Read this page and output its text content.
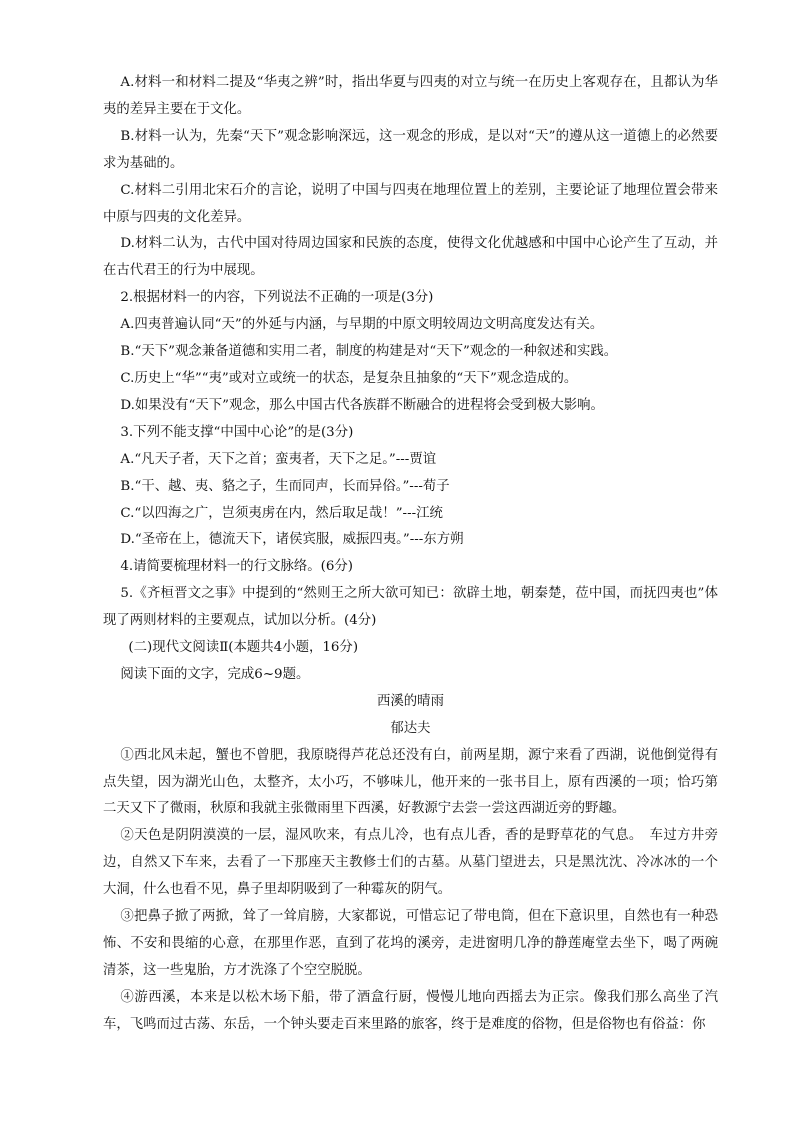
A.材料一和材料二提及“华夷之辨”时，指出华夏与四夷的对立与统一在历史上客观存在，且都认为华夷的差异主要在于文化。

B.材料一认为，先秦“天下”观念影响深远，这一观念的形成，是以对“天”的遵从这一道德上的必然要求为基础的。

C.材料二引用北宋石介的言论，说明了中国与四夷在地理位置上的差别，主要论证了地理位置会带来中原与四夷的文化差异。

D.材料二认为，古代中国对待周边国家和民族的态度，使得文化优越感和中国中心论产生了互动，并在古代君王的行为中展现。

2.根据材料一的内容，下列说法不正确的一项是(3分)

A.四夷普遍认同“天”的外延与内涵，与早期的中原文明较周边文明高度发达有关。

B.“天下”观念兼备道德和实用二者，制度的构建是对“天下”观念的一种叙述和实践。

C.历史上“华”“夷”或对立或统一的状态，是复杂且抽象的“天下”观念造成的。

D.如果没有“天下”观念，那么中国古代各族群不断融合的进程将会受到极大影响。

3.下列不能支撑“中国中心论”的是(3分)

A.“凡天子者，天下之首；蛮夷者，天下之足。”---贾谊

B.“干、越、夷、貉之子，生而同声，长而异俗。”---荀子

C.“以四海之广，岂须夷虏在内，然后取足哉！”---江统

D.“圣帝在上，德流天下，诸侯宾服，威振四夷。”---东方朔

4.请简要梳理材料一的行文脉络。(6分)

5.《齐桓晋文之事》中提到的“然则王之所大欲可知已：欲辟土地，朝秦楚，莅中国，而抚四夷也”体现了两则材料的主要观点，试加以分析。(4分)

(二)现代文阅读Ⅱ(本题共4小题，16分)

阅读下面的文字，完成6~9题。

西溪的晴雨

郁达夫

①西北风未起，蟹也不曾肥，我原晓得芦花总还没有白，前两星期，源宁来看了西湖，说他倒觉得有点失望，因为湖光山色，太整齐，太小巧，不够味儿，他开来的一张书目上，原有西溪的一项；恰巧第二天又下了微雨，秋原和我就主张微雨里下西溪，好教源宁去尝一尝这西湖近旁的野趣。

②天色是阴阴漠漠的一层，湿风吹来，有点儿冷，也有点儿香，香的是野草花的气息。　车过方井旁边，自然又下车来，去看了一下那座天主教修士们的古墓。从墓门望进去，只是黑沈沈、冷冰冰的一个大洞，什么也看不见，鼻子里却阴吸到了一种霉灰的阴气。

③把鼻子掀了两掀，耸了一耸肩膀，大家都说，可惜忘记了带电筒，但在下意识里，自然也有一种恐怖、不安和畏缩的心意，在那里作恶，直到了花坞的溪旁，走进窗明几净的静莲庵堂去坐下，喝了两碗清茶，这一些鬼胎，方才洗涤了个空空脱脱。

④游西溪，本来是以松木场下船，带了酒盒行厨，慢慢儿地向西摇去为正宗。像我们那么高坐了汽车，飞鸣而过古荡、东岳，一个钟头要走百来里路的旅客，终于是难度的俗物，但是俗物也有俗益：你
